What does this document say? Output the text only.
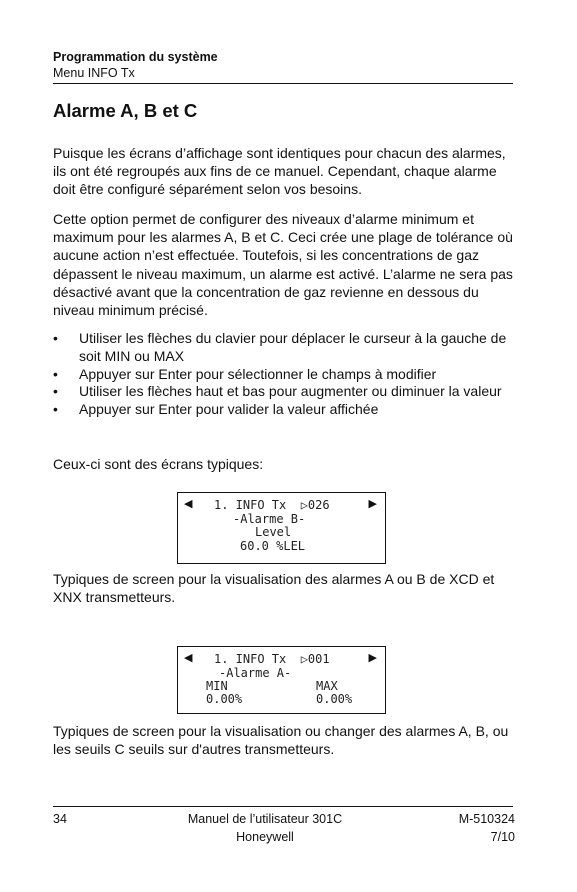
Programmation du système
Menu INFO Tx
Alarme A, B et C

Puisque les écrans d’affichage sont identiques pour chacun des alarmes, ils ont été regroupés aux fins de ce manuel. Cependant, chaque alarme doit être configuré séparément selon vos besoins.

Cette option permet de configurer des niveaux d’alarme minimum et maximum pour les alarmes A, B et C. Ceci crée une plage de tolérance où aucune action n’est effectuée. Toutefois, si les concentrations de gaz dépassent le niveau maximum, un alarme est activé. L’alarme ne sera pas désactivé avant que la concentration de gaz revienne en dessous du niveau minimum précisé.

• Utiliser les flèches du clavier pour déplacer le curseur à la gauche de soit MIN ou MAX
• Appuyer sur Enter pour sélectionner le champs à modifier
• Utiliser les flèches haut et bas pour augmenter ou diminuer la valeur
• Appuyer sur Enter pour valider la valeur affichée

Ceux-ci sont des écrans typiques:

◀	▶
1. INFO Tx  ▷026
-Alarme B-
Level
60.0 %LEL

Typiques de screen pour la visualisation des alarmes A ou B de XCD et XNX transmetteurs.

◀	▶
1. INFO Tx  ▷001
-Alarme A-
MIN	MAX
0.00%	0.00%

Typiques de screen pour la visualisation ou changer des alarmes A, B, ou les seuils C seuils sur d'autres transmetteurs.

34	Manuel de l’utilisateur 301C
Honeywell
M-510324
7/10
